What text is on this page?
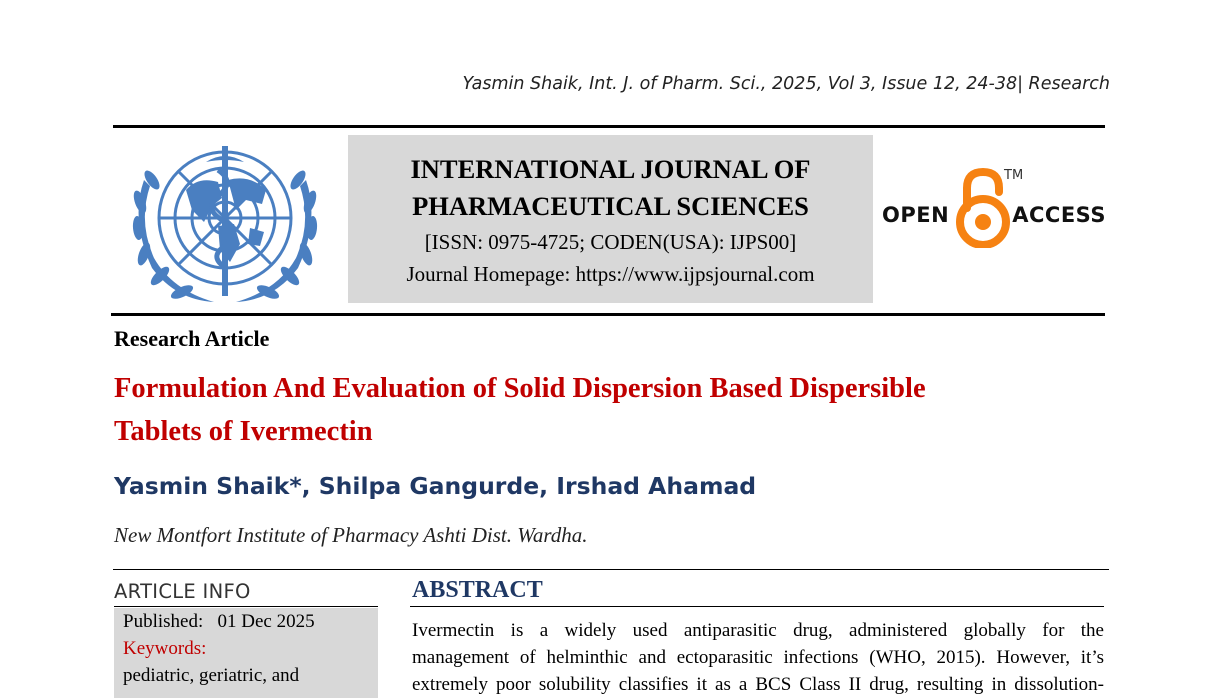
Yasmin Shaik, Int. J. of Pharm. Sci., 2025, Vol 3, Issue 12, 24-38| Research
INTERNATIONAL JOURNAL OF
PHARMACEUTICAL SCIENCES
[ISSN: 0975-4725; CODEN(USA): IJPS00]
Journal Homepage: https://www.ijpsjournal.com
OPEN
TM
ACCESS
Research Article
Formulation And Evaluation of Solid Dispersion Based Dispersible
Tablets of Ivermectin
Yasmin Shaik*, Shilpa Gangurde, Irshad Ahamad
New Montfort Institute of Pharmacy Ashti Dist. Wardha.
ARTICLE INFO
Published: 01 Dec 2025
Keywords:
pediatric, geriatric, and
ABSTRACT
Ivermectin is a widely used antiparasitic drug, administered globally for the
management of helminthic and ectoparasitic infections (WHO, 2015). However, it’s
extremely poor solubility classifies it as a BCS Class II drug, resulting in dissolution-
